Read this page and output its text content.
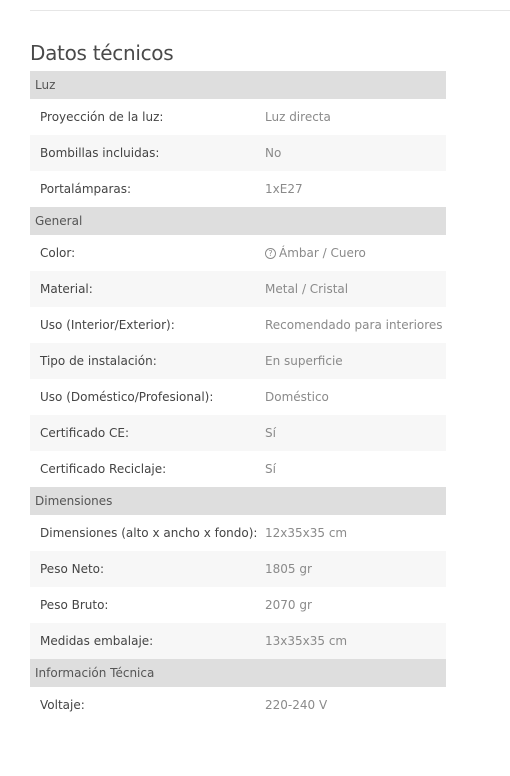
Datos técnicos
Luz
Proyección de la luz:	Luz directa
Bombillas incluidas:	No
Portalámparas:	1xE27
General
Color:	? Ámbar / Cuero
Material:	Metal / Cristal
Uso (Interior/Exterior):	Recomendado para interiores
Tipo de instalación:	En superficie
Uso (Doméstico/Profesional):	Doméstico
Certificado CE:	Sí
Certificado Reciclaje:	Sí
Dimensiones
Dimensiones (alto x ancho x fondo): 12x35x35 cm
Peso Neto:	1805 gr
Peso Bruto:	2070 gr
Medidas embalaje:	13x35x35 cm
Información Técnica
Voltaje:	220-240 V
